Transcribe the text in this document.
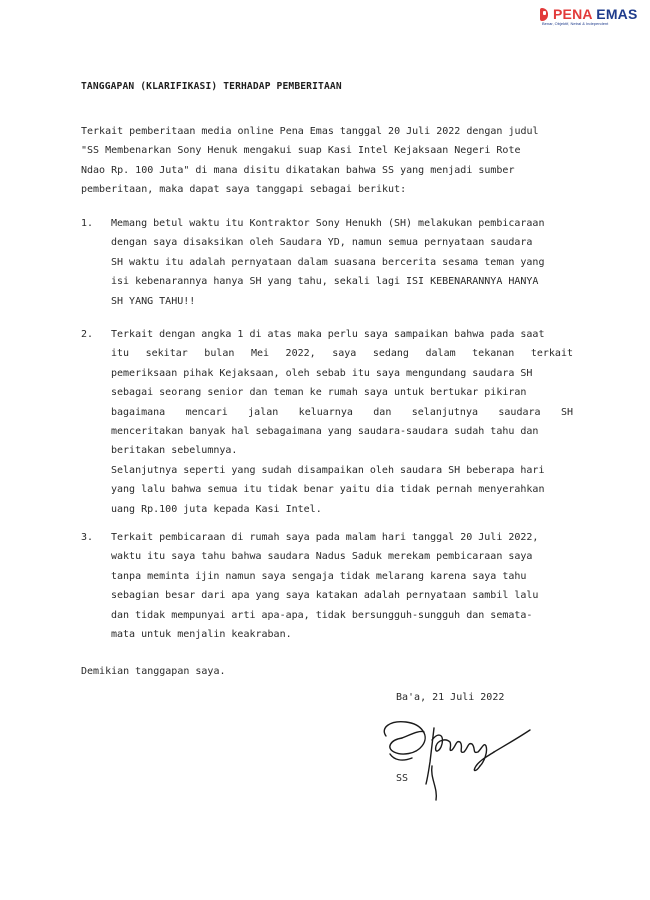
PENA EMAS
Benar, Objektif, Netral & Independent
TANGGAPAN (KLARIFIKASI) TERHADAP PEMBERITAAN
Terkait pemberitaan media online Pena Emas tanggal 20 Juli 2022 dengan judul
"SS Membenarkan Sony Henuk mengakui suap Kasi Intel Kejaksaan Negeri Rote
Ndao Rp. 100 Juta" di mana disitu dikatakan bahwa SS yang menjadi sumber
pemberitaan, maka dapat saya tanggapi sebagai berikut:
1. Memang betul waktu itu Kontraktor Sony Henukh (SH) melakukan pembicaraan
dengan saya disaksikan oleh Saudara YD, namun semua pernyataan saudara
SH waktu itu adalah pernyataan dalam suasana bercerita sesama teman yang
isi kebenarannya hanya SH yang tahu, sekali lagi ISI KEBENARANNYA HANYA
SH YANG TAHU!!
2. Terkait dengan angka 1 di atas maka perlu saya sampaikan bahwa pada saat
itu sekitar bulan Mei 2022, saya sedang dalam tekanan terkait
pemeriksaan pihak Kejaksaan, oleh sebab itu saya mengundang saudara SH
sebagai seorang senior dan teman ke rumah saya untuk bertukar pikiran
bagaimana mencari jalan keluarnya dan selanjutnya saudara SH
menceritakan banyak hal sebagaimana yang saudara-saudara sudah tahu dan
beritakan sebelumnya.
Selanjutnya seperti yang sudah disampaikan oleh saudara SH beberapa hari
yang lalu bahwa semua itu tidak benar yaitu dia tidak pernah menyerahkan
uang Rp.100 juta kepada Kasi Intel.
3. Terkait pembicaraan di rumah saya pada malam hari tanggal 20 Juli 2022,
waktu itu saya tahu bahwa saudara Nadus Saduk merekam pembicaraan saya
tanpa meminta ijin namun saya sengaja tidak melarang karena saya tahu
sebagian besar dari apa yang saya katakan adalah pernyataan sambil lalu
dan tidak mempunyai arti apa-apa, tidak bersungguh-sungguh dan semata-
mata untuk menjalin keakraban.
Demikian tanggapan saya.
Ba'a, 21 Juli 2022
SS
